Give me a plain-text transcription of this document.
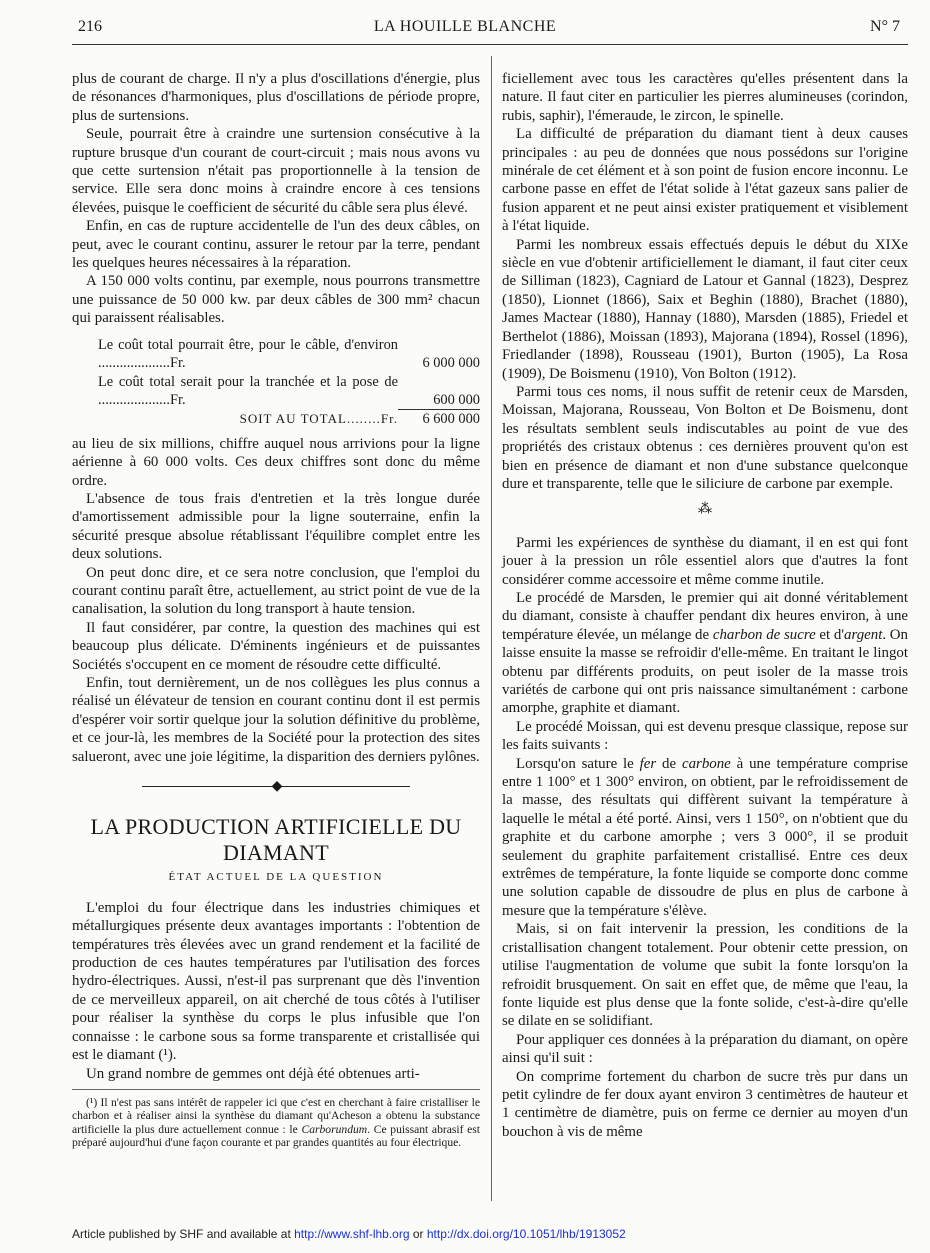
216	LA HOUILLE BLANCHE	N° 7

plus de courant de charge. Il n'y a plus d'oscillations d'énergie, plus de résonances d'harmoniques, plus d'oscillations de période propre, plus de surtensions.

Seule, pourrait être à craindre une surtension consécutive à la rupture brusque d'un courant de court-circuit ; mais nous avons vu que cette surtension n'était pas proportionnelle à la tension de service. Elle sera donc moins à craindre encore à ces tensions élevées, puisque le coefficient de sécurité du câble sera plus élevé.

Enfin, en cas de rupture accidentelle de l'un des deux câbles, on peut, avec le courant continu, assurer le retour par la terre, pendant les quelques heures nécessaires à la réparation.

A 150 000 volts continu, par exemple, nous pourrons transmettre une puissance de 50 000 kw. par deux câbles de 300 mm² chacun qui paraissent réalisables.

Le coût total pourrait être, pour le câble, d'environ ....................Fr.	6 000 000
Le coût total serait pour la tranchée et la pose de ....................Fr.	600 000
SOIT AU TOTAL........Fr.	6 600 000

au lieu de six millions, chiffre auquel nous arrivions pour la ligne aérienne à 60 000 volts. Ces deux chiffres sont donc du même ordre.

L'absence de tous frais d'entretien et la très longue durée d'amortissement admissible pour la ligne souterraine, enfin la sécurité presque absolue rétablissant l'équilibre complet entre les deux solutions.

On peut donc dire, et ce sera notre conclusion, que l'emploi du courant continu paraît être, actuellement, au strict point de vue de la canalisation, la solution du long transport à haute tension.

Il faut considérer, par contre, la question des machines qui est beaucoup plus délicate. D'éminents ingénieurs et de puissantes Sociétés s'occupent en ce moment de résoudre cette difficulté.

Enfin, tout dernièrement, un de nos collègues les plus connus a réalisé un élévateur de tension en courant continu dont il est permis d'espérer voir sortir quelque jour la solution définitive du problème, et ce jour-là, les membres de la Société pour la protection des sites salueront, avec une joie légitime, la disparition des derniers pylônes.

◆
LA PRODUCTION ARTIFICIELLE DU DIAMANT
ÉTAT ACTUEL DE LA QUESTION

L'emploi du four électrique dans les industries chimiques et métallurgiques présente deux avantages importants : l'obtention de températures très élevées avec un grand rendement et la facilité de production de ces hautes températures par l'utilisation des forces hydro-électriques. Aussi, n'est-il pas surprenant que dès l'invention de ce merveilleux appareil, on ait cherché de tous côtés à l'utiliser pour réaliser la synthèse du corps le plus infusible que l'on connaisse : le carbone sous sa forme transparente et cristallisée qui est le diamant (¹).

Un grand nombre de gemmes ont déjà été obtenues arti-

(¹) Il n'est pas sans intérêt de rappeler ici que c'est en cherchant à faire cristalliser le charbon et à réaliser ainsi la synthèse du diamant qu'Acheson a obtenu la substance artificielle la plus dure actuellement connue : le Carborundum. Ce puissant abrasif est préparé aujourd'hui d'une façon courante et par grandes quantités au four électrique.

ficiellement avec tous les caractères qu'elles présentent dans la nature. Il faut citer en particulier les pierres alumineuses (corindon, rubis, saphir), l'émeraude, le zircon, le spinelle.

La difficulté de préparation du diamant tient à deux causes principales : au peu de données que nous possédons sur l'origine minérale de cet élément et à son point de fusion encore inconnu. Le carbone passe en effet de l'état solide à l'état gazeux sans palier de fusion apparent et ne peut ainsi exister pratiquement et visiblement à l'état liquide.

Parmi les nombreux essais effectués depuis le début du XIXe siècle en vue d'obtenir artificiellement le diamant, il faut citer ceux de Silliman (1823), Cagniard de Latour et Gannal (1823), Desprez (1850), Lionnet (1866), Saix et Beghin (1880), Brachet (1880), James Mactear (1880), Hannay (1880), Marsden (1885), Friedel et Berthelot (1886), Moissan (1893), Majorana (1894), Rossel (1896), Friedlander (1898), Rousseau (1901), Burton (1905), La Rosa (1909), De Boismenu (1910), Von Bolton (1912).

Parmi tous ces noms, il nous suffit de retenir ceux de Marsden, Moissan, Majorana, Rousseau, Von Bolton et De Boismenu, dont les résultats semblent seuls indiscutables au point de vue des propriétés des cristaux obtenus : ces dernières prouvent qu'on est bien en présence de diamant et non d'une substance quelconque dure et transparente, telle que le siliciure de carbone par exemple.

⁂

Parmi les expériences de synthèse du diamant, il en est qui font jouer à la pression un rôle essentiel alors que d'autres la font considérer comme accessoire et même comme inutile.

Le procédé de Marsden, le premier qui ait donné véritablement du diamant, consiste à chauffer pendant dix heures environ, à une température élevée, un mélange de charbon de sucre et d'argent. On laisse ensuite la masse se refroidir d'elle-même. En traitant le lingot obtenu par différents produits, on peut isoler de la masse trois variétés de carbone qui ont pris naissance simultanément : carbone amorphe, graphite et diamant.

Le procédé Moissan, qui est devenu presque classique, repose sur les faits suivants :

Lorsqu'on sature le fer de carbone à une température comprise entre 1 100° et 1 300° environ, on obtient, par le refroidissement de la masse, des résultats qui diffèrent suivant la température à laquelle le métal a été porté. Ainsi, vers 1 150°, on n'obtient que du graphite et du carbone amorphe ; vers 3 000°, il se produit seulement du graphite parfaitement cristallisé. Entre ces deux extrêmes de température, la fonte liquide se comporte donc comme une solution capable de dissoudre de plus en plus de carbone à mesure que la température s'élève.

Mais, si on fait intervenir la pression, les conditions de la cristallisation changent totalement. Pour obtenir cette pression, on utilise l'augmentation de volume que subit la fonte lorsqu'on la refroidit brusquement. On sait en effet que, de même que l'eau, la fonte liquide est plus dense que la fonte solide, c'est-à-dire qu'elle se dilate en se solidifiant.

Pour appliquer ces données à la préparation du diamant, on opère ainsi qu'il suit :

On comprime fortement du charbon de sucre très pur dans un petit cylindre de fer doux ayant environ 3 centimètres de hauteur et 1 centimètre de diamètre, puis on ferme ce dernier au moyen d'un bouchon à vis de même

Article published by SHF and available at http://www.shf-lhb.org or http://dx.doi.org/10.1051/lhb/1913052
